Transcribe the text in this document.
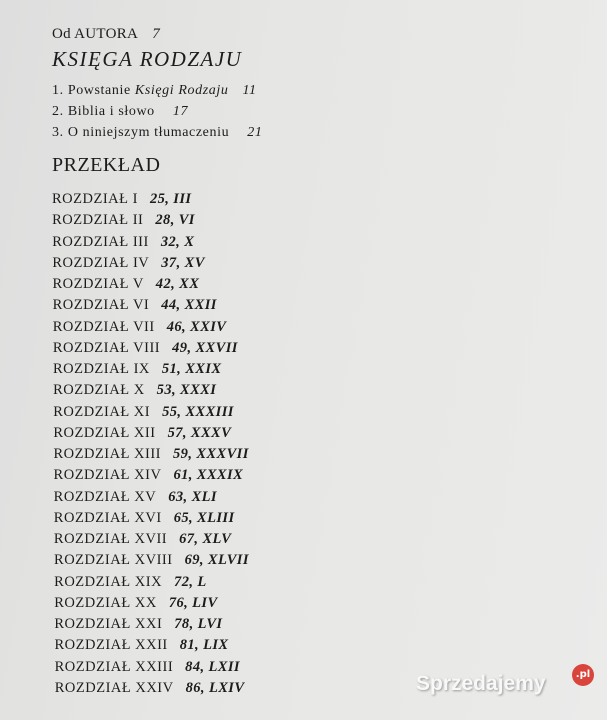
Od AUTORA 7
KSIĘGA RODZAJU
1. Powstanie Księgi Rodzaju 11
2. Biblia i słowo 17
3. O niniejszym tłumaczeniu 21
PRZEKŁAD
ROZDZIAŁ I 25, III
ROZDZIAŁ II 28, VI
ROZDZIAŁ III 32, X
ROZDZIAŁ IV 37, XV
ROZDZIAŁ V 42, XX
ROZDZIAŁ VI 44, XXII
ROZDZIAŁ VII 46, XXIV
ROZDZIAŁ VIII 49, XXVII
ROZDZIAŁ IX 51, XXIX
ROZDZIAŁ X 53, XXXI
ROZDZIAŁ XI 55, XXXIII
ROZDZIAŁ XII 57, XXXV
ROZDZIAŁ XIII 59, XXXVII
ROZDZIAŁ XIV 61, XXXIX
ROZDZIAŁ XV 63, XLI
ROZDZIAŁ XVI 65, XLIII
ROZDZIAŁ XVII 67, XLV
ROZDZIAŁ XVIII 69, XLVII
ROZDZIAŁ XIX 72, L
ROZDZIAŁ XX 76, LIV
ROZDZIAŁ XXI 78, LVI
ROZDZIAŁ XXII 81, LIX
ROZDZIAŁ XXIII 84, LXII
ROZDZIAŁ XXIV 86, LXIV	Sprzedajemy	.pl
